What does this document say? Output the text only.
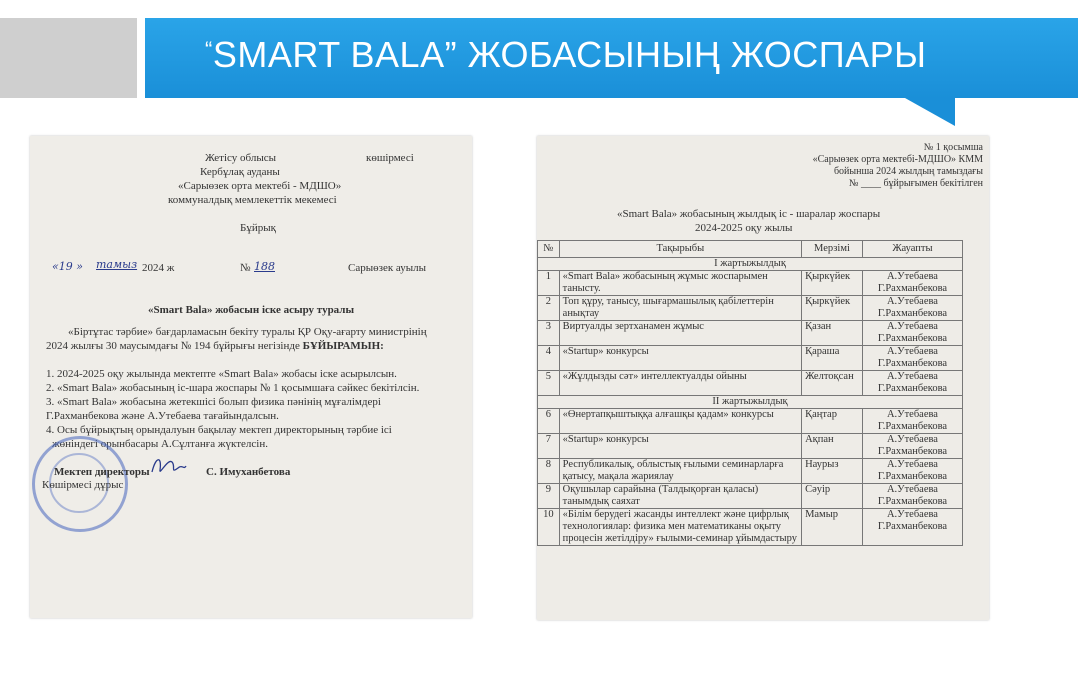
“SMART BALA” ЖОБАСЫНЫҢ ЖОСПАРЫ
Жетісу облысы	көшірмесі
Кербұлақ ауданы
«Сарыөзек орта мектебі - МДШО»
коммуналдық мемлекеттік мекемесі
Бұйрық
«19 » тамыз 2024 ж	№ 188	Сарыөзек ауылы
«Smart Bala» жобасын іске асыру туралы
«Біртұтас тәрбие» бағдарламасын бекіту туралы ҚР Оқу-ағарту министрінің
2024 жылғы 30 маусымдағы № 194 бұйрығы негізінде БҰЙЫРАМЫН:
1. 2024-2025 оқу жылында мектепте «Smart Bala» жобасы іске асырылсын.
2. «Smart Bala» жобасының іс-шара жоспары № 1 қосымшаға сәйкес бекітілсін.
3. «Smart Bala» жобасына жетекшісі болып физика пәнінің мұғалімдері
Г.Рахманбекова және А.Утебаева тағайындалсын.
4. Осы бұйрықтың орындалуын бақылау мектеп директорының тәрбие ісі
жөніндегі орынбасары А.Сұлтанға жүктелсін.
Мектеп директоры	С. Имуханбетова
Көшірмесі дұрыс
№ 1 қосымша
«Сарыөзек орта мектебі-МДШО» КММ
бойынша 2024 жылдың тамыздағы
№ ____ бұйрығымен бекітілген
«Smart Bala» жобасының жылдық іс - шаралар жоспары
2024-2025 оқу жылы
№	Тақырыбы	Мерзімі	Жауапты
І жартыжылдық			
1	«Smart Bala» жобасының жұмыс жоспарымен танысту.	Қыркүйек	А.Утебаева
Г.Рахманбекова

2	Топ құру, танысу, шығармашылық қабілеттерін анықтау	Қыркүйек	А.Утебаева
Г.Рахманбекова

3	Виртуалды зертханамен жұмыс	Қазан	А.Утебаева
Г.Рахманбекова

4	«Startup» конкурсы	Қараша	А.Утебаева
Г.Рахманбекова

5	«Жұлдызды сәт» интеллектуалды ойыны	Желтоқсан	А.Утебаева
Г.Рахманбекова

ІІ жартыжылдық			
6	«Өнертапқыштыққа алғашқы қадам» конкурсы	Қаңтар	А.Утебаева
Г.Рахманбекова

7	«Startup» конкурсы	Ақпан	А.Утебаева
Г.Рахманбекова

8	Республикалық, облыстық ғылыми семинарларға қатысу, мақала жариялау	Наурыз	А.Утебаева
Г.Рахманбекова

9	Оқушылар сарайына (Талдықорған қаласы) танымдық саяхат	Сәуір	А.Утебаева
Г.Рахманбекова

10	«Білім берудегі жасанды интеллект және цифрлық технологиялар: физика мен математиканы оқыту процесін жетілдіру» ғылыми-семинар ұйымдастыру	Мамыр	А.Утебаева
Г.Рахманбекова
